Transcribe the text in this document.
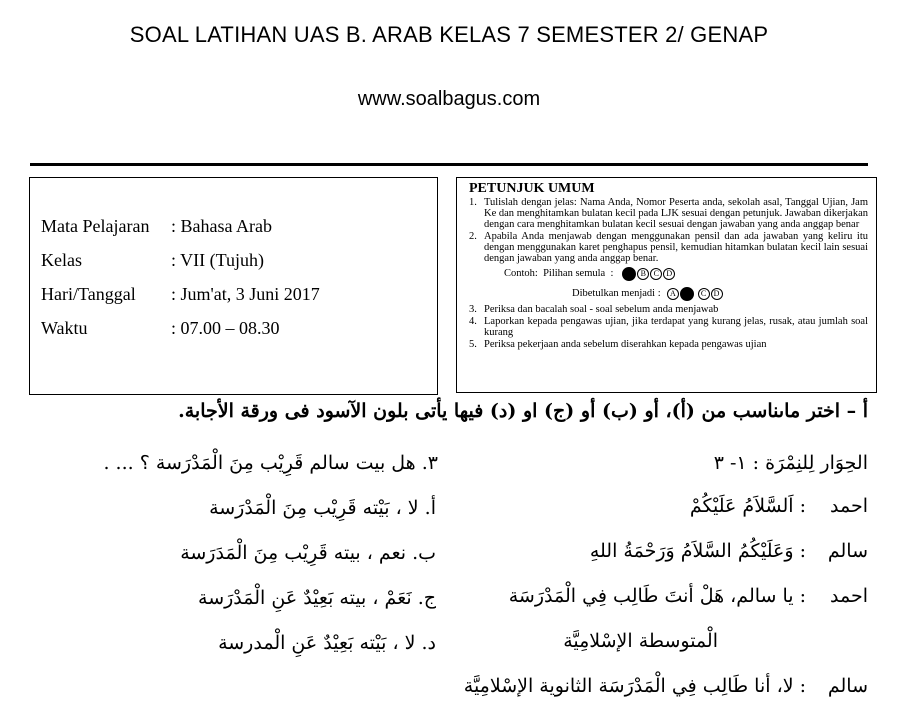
SOAL LATIHAN UAS B. ARAB KELAS 7 SEMESTER 2/ GENAP
www.soalbagus.com
Mata Pelajaran : Bahasa Arab
Kelas	: VII (Tujuh)
Hari/Tanggal : Jum'at, 3 Juni 2017
Waktu	: 07.00 – 08.30
PETUNJUK UMUM
1. Tulislah dengan jelas: Nama Anda, Nomor Peserta anda, sekolah asal, Tanggal Ujian, Jam Ke dan menghitamkan bulatan kecil pada LJK sesuai dengan petunjuk. Jawaban dikerjakan dengan cara menghitamkan bulatan kecil sesuai dengan jawaban yang anda anggap benar
2. Apabila Anda menjawab dengan menggunakan pensil dan ada jawaban yang keliru itu dengan menggunakan karet penghapus pensil, kemudian hitamkan bulatan kecil lain sesuai dengan jawaban yang anda anggap benar.
Contoh: Pilihan semula  :   B C D
Dibetulkan menjadi : A	C D
3. Periksa dan bacalah soal - soal sebelum anda menjawab
4. Laporkan kepada pengawas ujian, jika terdapat yang kurang jelas, rusak, atau jumlah soal kurang
5. Periksa pekerjaan anda sebelum diserahkan kepada pengawas ujian
أ – اختر ماىناسب من (أ)، أو (ب) أو (ج) او (د) فيها يأتى بلون الآسود فى ورقة الأجابة.
الحِوَار لِلنِمْرَة : ١- ٣
احمد
: اَلسَّلاَمُ عَلَيْكُمْ
سالم
: وَعَلَيْكُمُ السَّلاَمُ وَرَحْمَةُ اللهِ
احمد
: يا سالم، هَلْ أنتَ طَالِب فِي الْمَدْرَسَة
الْمتوسطة الإسْلامِيَّة
سالم
: لا، أنا طَالِب فِي الْمَدْرَسَة الثانوية الإسْلامِيَّة
٣. هل بيت سالم قَرِيْب مِنَ الْمَدْرَسة ؟ ... .
أ. لا ، بَيْته قَرِيْب مِنَ الْمَدْرَسة
ب. نعم ، بيته قَرِيْب مِنَ الْمَدَرَسة
ج. نَعَمْ ، بيته بَعِيْدٌ عَنِ الْمَدْرَسة
د. لا ، بَيْته بَعِيْدٌ عَنِ الْمدرسة
